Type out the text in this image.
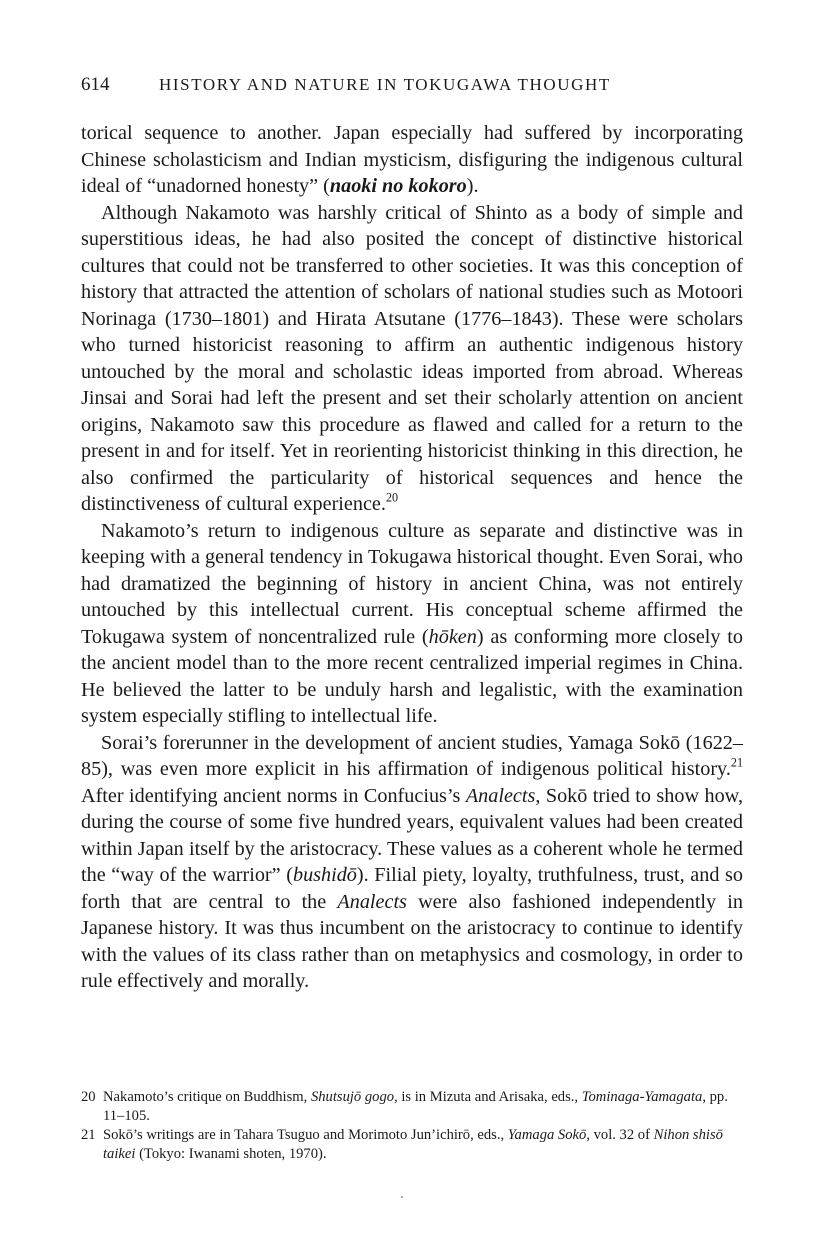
614	HISTORY AND NATURE IN TOKUGAWA THOUGHT

torical sequence to another. Japan especially had suffered by incorporating Chinese scholasticism and Indian mysticism, disfiguring the indigenous cultural ideal of “unadorned honesty” (naoki no kokoro).

Although Nakamoto was harshly critical of Shinto as a body of simple and superstitious ideas, he had also posited the concept of distinctive historical cultures that could not be transferred to other societies. It was this conception of history that attracted the attention of scholars of national studies such as Motoori Norinaga (1730–1801) and Hirata Atsutane (1776–1843). These were scholars who turned historicist reasoning to affirm an authentic indigenous history untouched by the moral and scholastic ideas imported from abroad. Whereas Jinsai and Sorai had left the present and set their scholarly attention on ancient origins, Nakamoto saw this procedure as flawed and called for a return to the present in and for itself. Yet in reorienting historicist thinking in this direction, he also confirmed the particularity of historical sequences and hence the distinctiveness of cultural experience.$^{20}$

Nakamoto’s return to indigenous culture as separate and distinctive was in keeping with a general tendency in Tokugawa historical thought. Even Sorai, who had dramatized the beginning of history in ancient China, was not entirely untouched by this intellectual current. His conceptual scheme affirmed the Tokugawa system of noncentralized rule (hōken) as conforming more closely to the ancient model than to the more recent centralized imperial regimes in China. He believed the latter to be unduly harsh and legalistic, with the examination system especially stifling to intellectual life.

Sorai’s forerunner in the development of ancient studies, Yamaga Sokō (1622–85), was even more explicit in his affirmation of indigenous political history.$^{21}$ After identifying ancient norms in Confucius’s Analects, Sokō tried to show how, during the course of some five hundred years, equivalent values had been created within Japan itself by the aristocracy. These values as a coherent whole he termed the “way of the warrior” (bushidō). Filial piety, loyalty, truthfulness, trust, and so forth that are central to the Analects were also fashioned independently in Japanese history. It was thus incumbent on the aristocracy to continue to identify with the values of its class rather than on metaphysics and cosmology, in order to rule effectively and morally.

20 Nakamoto’s critique on Buddhism, Shutsujō gogo, is in Mizuta and Arisaka, eds., Tominaga-Yamagata, pp. 11–105.
21 Sokō’s writings are in Tahara Tsuguo and Morimoto Jun’ichirō, eds., Yamaga Sokō, vol. 32 of Nihon shisō taikei (Tokyo: Iwanami shoten, 1970).
